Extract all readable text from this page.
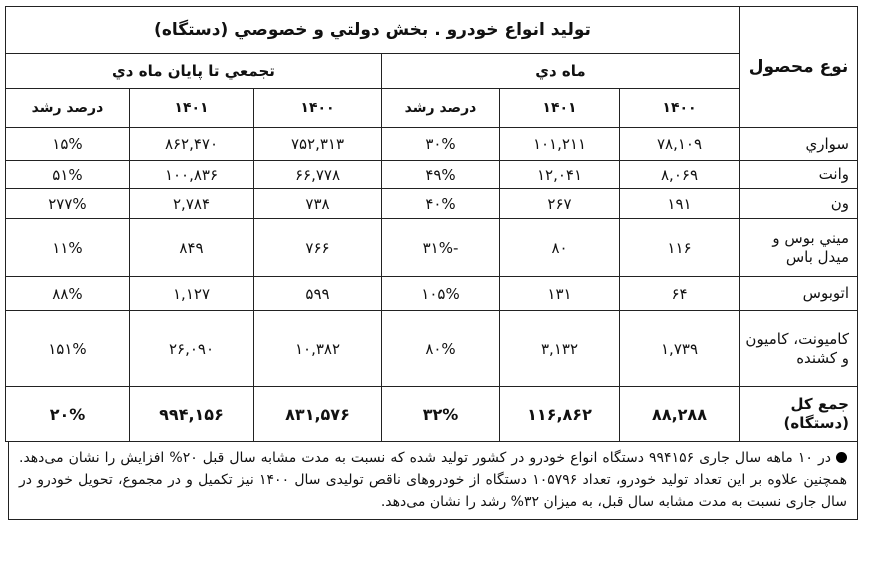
نوع محصول	توليد انواع خودرو . بخش دولتي و خصوصي (دستگاه)					
	ماه دي			تجمعي تا پايان ماه دي		
	۱۴۰۰	۱۴۰۱	درصد رشد	۱۴۰۰	۱۴۰۱	درصد رشد
سواري	۷۸,۱۰۹	۱۰۱,۲۱۱	۳۰%	۷۵۲,۳۱۳	۸۶۲,۴۷۰	۱۵%
وانت	۸,۰۶۹	۱۲,۰۴۱	۴۹%	۶۶,۷۷۸	۱۰۰,۸۳۶	۵۱%
ون	۱۹۱	۲۶۷	۴۰%	۷۳۸	۲,۷۸۴	۲۷۷%
ميني بوس و ميدل باس	۱۱۶	۸۰	-۳۱%	۷۶۶	۸۴۹	۱۱%
اتوبوس	۶۴	۱۳۱	۱۰۵%	۵۹۹	۱,۱۲۷	۸۸%
كاميونت، كاميون و كشنده	۱,۷۳۹	۳,۱۳۲	۸۰%	۱۰,۳۸۲	۲۶,۰۹۰	۱۵۱%
جمع كل (دستگاه)	۸۸,۲۸۸	۱۱۶,۸۶۲	۳۲%	۸۳۱,۵۷۶	۹۹۴,۱۵۶	۲۰%
در ۱۰ ماهه سال جاری ۹۹۴۱۵۶ دستگاه انواع خودرو در كشور توليد شده كه نسبت به مدت مشابه سال قبل ۲۰% افزايش را نشان می‌دهد. همچنين علاوه بر اين تعداد توليد خودرو، تعداد ۱۰۵۷۹۶ دستگاه از خودروهای ناقص توليدی سال ۱۴۰۰ نيز تكميل و در مجموع، تحويل خودرو در سال جاری نسبت به مدت مشابه سال قبل، به ميزان ۳۲% رشد را نشان می‌دهد.
